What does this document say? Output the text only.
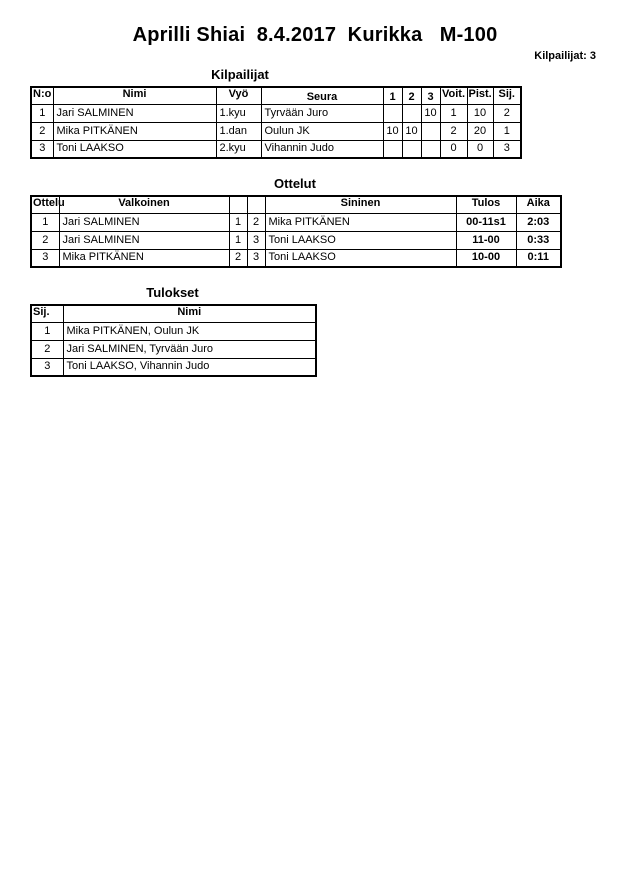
Aprilli Shiai  8.4.2017  Kurikka   M-100
Kilpailijat: 3
Kilpailijat
N:o	Nimi	Vyö	Seura	1	2	3	Voit.	Pist.	Sij.
1	Jari SALMINEN	1.kyu	Tyrvään Juro			10	1	10	2
2	Mika PITKÄNEN	1.dan	Oulun JK	10	10		2	20	1
3	Toni LAAKSO	2.kyu	Vihannin Judo				0	0	3
Ottelut
Ottelu	Valkoinen			Sininen	Tulos	Aika
1	Jari SALMINEN	1	2	Mika PITKÄNEN	00-11s1	2:03
2	Jari SALMINEN	1	3	Toni LAAKSO	11-00	0:33
3	Mika PITKÄNEN	2	3	Toni LAAKSO	10-00	0:11
Tulokset
Sij.	Nimi
1	Mika PITKÄNEN, Oulun JK
2	Jari SALMINEN, Tyrvään Juro
3	Toni LAAKSO, Vihannin Judo
